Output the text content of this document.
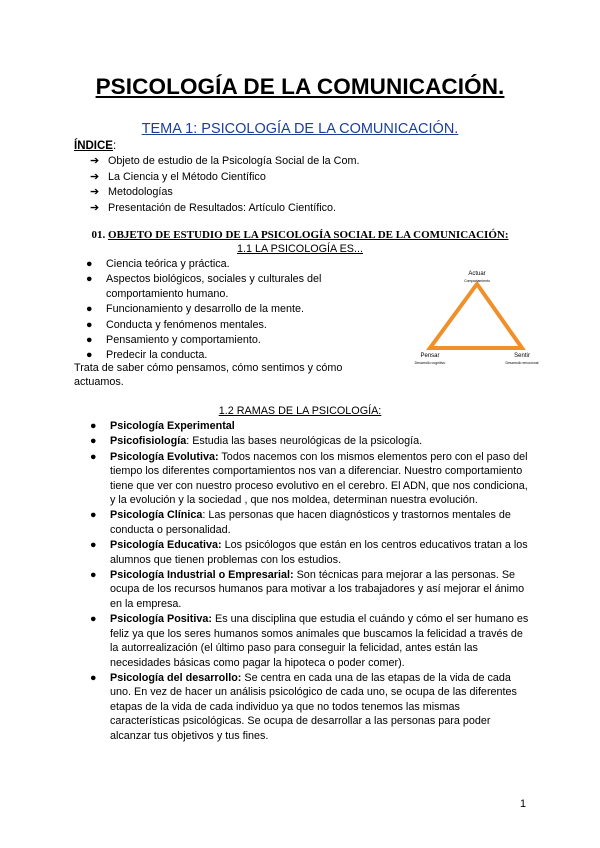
PSICOLOGÍA DE LA COMUNICACIÓN.
TEMA 1: PSICOLOGÍA DE LA COMUNICACIÓN.
ÍNDICE:
➔ Objeto de estudio de la Psicología Social de la Com.
➔ La Ciencia y el Método Científico
➔ Metodologías
➔ Presentación de Resultados: Artículo Científico.
01. OBJETO DE ESTUDIO DE LA PSICOLOGÍA SOCIAL DE LA COMUNICACIÓN:
1.1 LA PSICOLOGÍA ES...
● Ciencia teórica y práctica.
● Aspectos biológicos, sociales y culturales del comportamiento humano.
● Funcionamiento y desarrollo de la mente.
● Conducta y fenómenos mentales.
● Pensamiento y comportamiento.
● Predecir la conducta.
Trata de saber cómo pensamos, cómo sentimos y cómo actuamos.
Actuar
Comportamiento
Pensar
Desarrollo cognitivo
Sentir
Desarrollo emocional
1.2 RAMAS DE LA PSICOLOGÍA:
● Psicología Experimental
● Psicofisiología: Estudia las bases neurológicas de la psicología.
● Psicología Evolutiva: Todos nacemos con los mismos elementos pero con el paso del tiempo los diferentes comportamientos nos van a diferenciar. Nuestro comportamiento tiene que ver con nuestro proceso evolutivo en el cerebro. El ADN, que nos condiciona, y la evolución y la sociedad , que nos moldea, determinan nuestra evolución.
● Psicología Clínica: Las personas que hacen diagnósticos y trastornos mentales de conducta o personalidad.
● Psicología Educativa: Los psicólogos que están en los centros educativos tratan a los alumnos que tienen problemas con los estudios.
● Psicología Industrial o Empresarial: Son técnicas para mejorar a las personas. Se ocupa de los recursos humanos para motivar a los trabajadores y así mejorar el ánimo en la empresa.
● Psicología Positiva: Es una disciplina que estudia el cuándo y cómo el ser humano es feliz ya que los seres humanos somos animales que buscamos la felicidad a través de la autorrealización (el último paso para conseguir la felicidad, antes están las necesidades básicas como pagar la hipoteca o poder comer).
● Psicología del desarrollo: Se centra en cada una de las etapas de la vida de cada uno. En vez de hacer un análisis psicológico de cada uno, se ocupa de las diferentes etapas de la vida de cada individuo ya que no todos tenemos las mismas características psicológicas. Se ocupa de desarrollar a las personas para poder alcanzar tus objetivos y tus fines.
1
